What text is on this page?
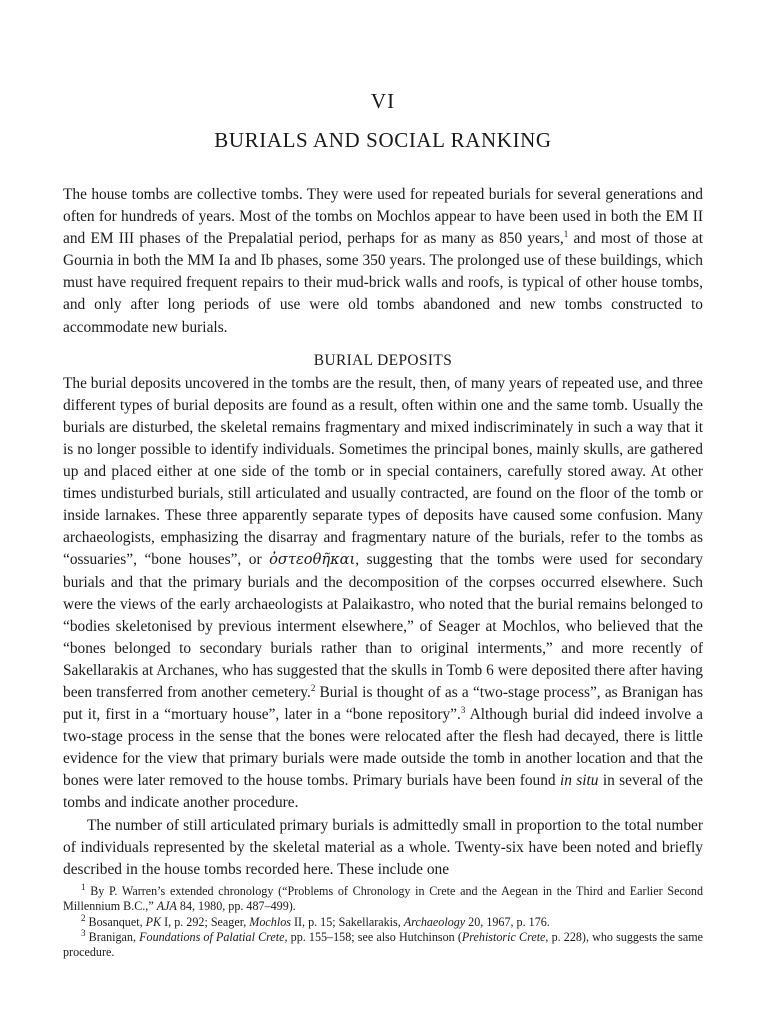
VI
BURIALS AND SOCIAL RANKING

The house tombs are collective tombs. They were used for repeated burials for several generations and often for hundreds of years. Most of the tombs on Mochlos appear to have been used in both the EM II and EM III phases of the Prepalatial period, perhaps for as many as 850 years,$^1$ and most of those at Gournia in both the MM Ia and Ib phases, some 350 years. The prolonged use of these buildings, which must have required frequent repairs to their mud-brick walls and roofs, is typical of other house tombs, and only after long periods of use were old tombs abandoned and new tombs constructed to accommodate new burials.

BURIAL DEPOSITS

The burial deposits uncovered in the tombs are the result, then, of many years of repeated use, and three different types of burial deposits are found as a result, often within one and the same tomb. Usually the burials are disturbed, the skeletal remains fragmentary and mixed indiscriminately in such a way that it is no longer possible to identify individuals. Sometimes the principal bones, mainly skulls, are gathered up and placed either at one side of the tomb or in special containers, carefully stored away. At other times undisturbed burials, still articulated and usually contracted, are found on the floor of the tomb or inside larnakes. These three apparently separate types of deposits have caused some confusion. Many archaeologists, emphasizing the disarray and fragmentary nature of the burials, refer to the tombs as “ossuaries”, “bone houses”, or ὀστεοθῆκαι, suggesting that the tombs were used for secondary burials and that the primary burials and the decomposition of the corpses occurred elsewhere. Such were the views of the early archaeologists at Palaikastro, who noted that the burial remains belonged to “bodies skeletonised by previous interment elsewhere,” of Seager at Mochlos, who believed that the “bones belonged to secondary burials rather than to original interments,” and more recently of Sakellarakis at Archanes, who has suggested that the skulls in Tomb 6 were deposited there after having been transferred from another cemetery.$^2$ Burial is thought of as a “two-stage process”, as Branigan has put it, first in a “mortuary house”, later in a “bone repository”.$^3$ Although burial did indeed involve a two-stage process in the sense that the bones were relocated after the flesh had decayed, there is little evidence for the view that primary burials were made outside the tomb in another location and that the bones were later removed to the house tombs. Primary burials have been found in situ in several of the tombs and indicate another procedure.

The number of still articulated primary burials is admittedly small in proportion to the total number of individuals represented by the skeletal material as a whole. Twenty-six have been noted and briefly described in the house tombs recorded here. These include one

$^1$ By P. Warren’s extended chronology (“Problems of Chronology in Crete and the Aegean in the Third and Earlier Second Millennium B.C.,” AJA 84, 1980, pp. 487–499).

$^2$ Bosanquet, PK I, p. 292; Seager, Mochlos II, p. 15; Sakellarakis, Archaeology 20, 1967, p. 176.

$^3$ Branigan, Foundations of Palatial Crete, pp. 155–158; see also Hutchinson (Prehistoric Crete, p. 228), who suggests the same procedure.
